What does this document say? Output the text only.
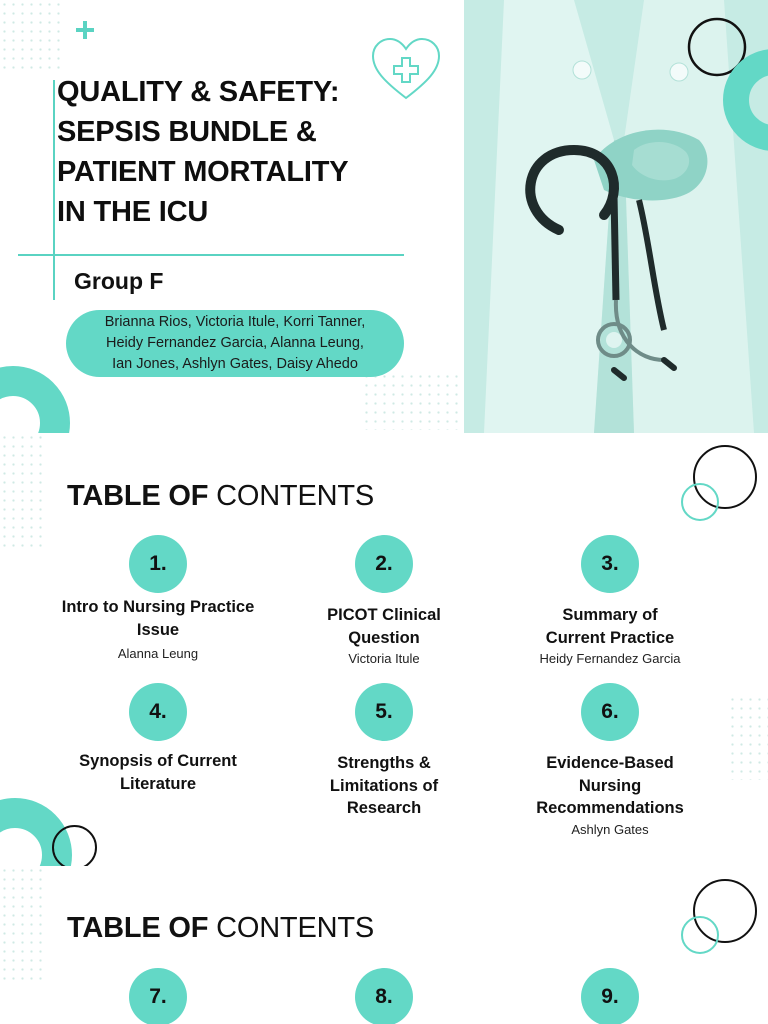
QUALITY & SAFETY:
SEPSIS BUNDLE &
PATIENT MORTALITY
IN THE ICU
Group F
Brianna Rios, Victoria Itule, Korri Tanner,
Heidy Fernandez Garcia, Alanna Leung,
Ian Jones, Ashlyn Gates, Daisy Ahedo
TABLE OF CONTENTS
1.
Intro to Nursing Practice Issue
Alanna Leung
2.
PICOT Clinical Question
Victoria Itule
3.
Summary of Current Practice
Heidy Fernandez Garcia
4.
Synopsis of Current Literature
5.
Strengths & Limitations of Research
6.
Evidence-Based Nursing Recommendations
Ashlyn Gates
TABLE OF CONTENTS
7.	8.	9.
